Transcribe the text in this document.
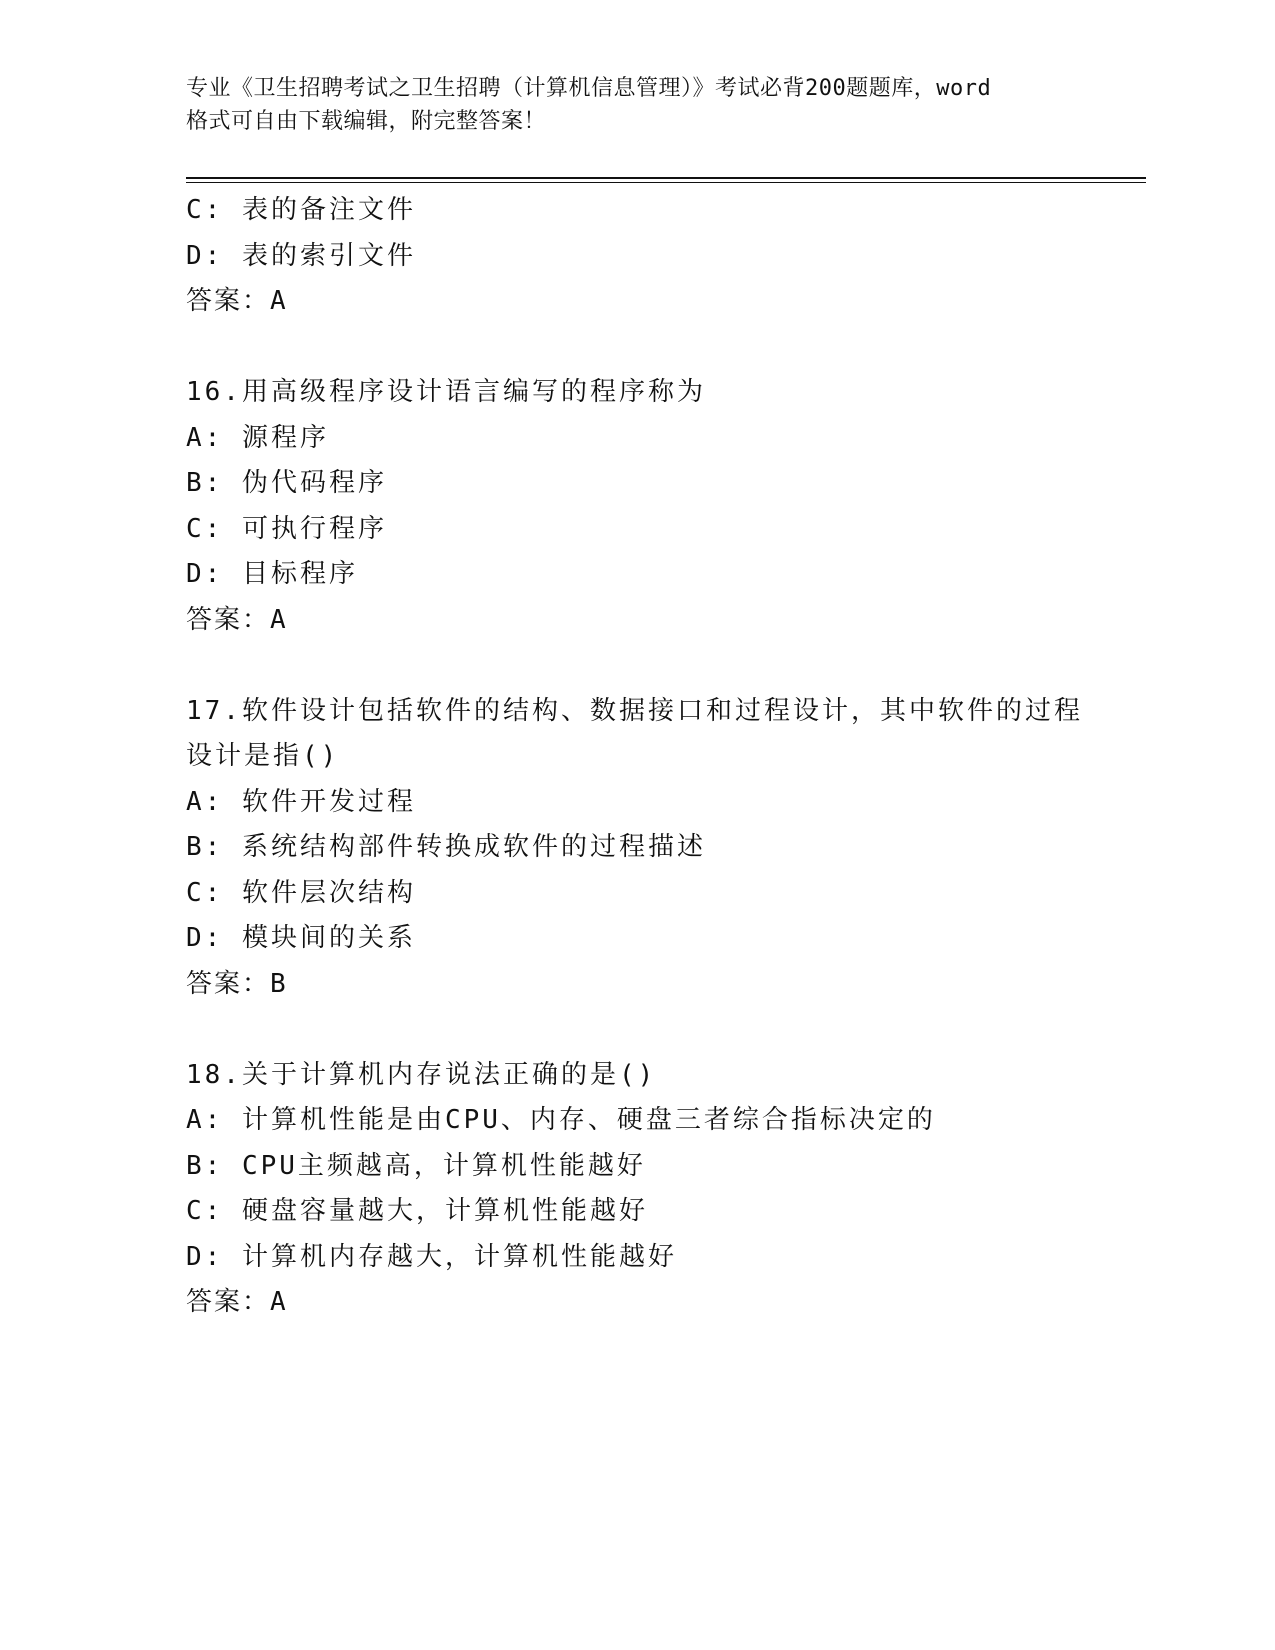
专业《卫生招聘考试之卫生招聘（计算机信息管理）》考试必背200题题库，word
格式可自由下载编辑，附完整答案！
C: 表的备注文件
D: 表的索引文件
答案：A
16.用高级程序设计语言编写的程序称为
A: 源程序
B: 伪代码程序
C: 可执行程序
D: 目标程序
答案：A
17.软件设计包括软件的结构、数据接口和过程设计，其中软件的过程
设计是指()
A: 软件开发过程
B: 系统结构部件转换成软件的过程描述
C: 软件层次结构
D: 模块间的关系
答案：B
18.关于计算机内存说法正确的是()
A: 计算机性能是由CPU、内存、硬盘三者综合指标决定的
B: CPU主频越高，计算机性能越好
C: 硬盘容量越大，计算机性能越好
D: 计算机内存越大，计算机性能越好
答案：A
